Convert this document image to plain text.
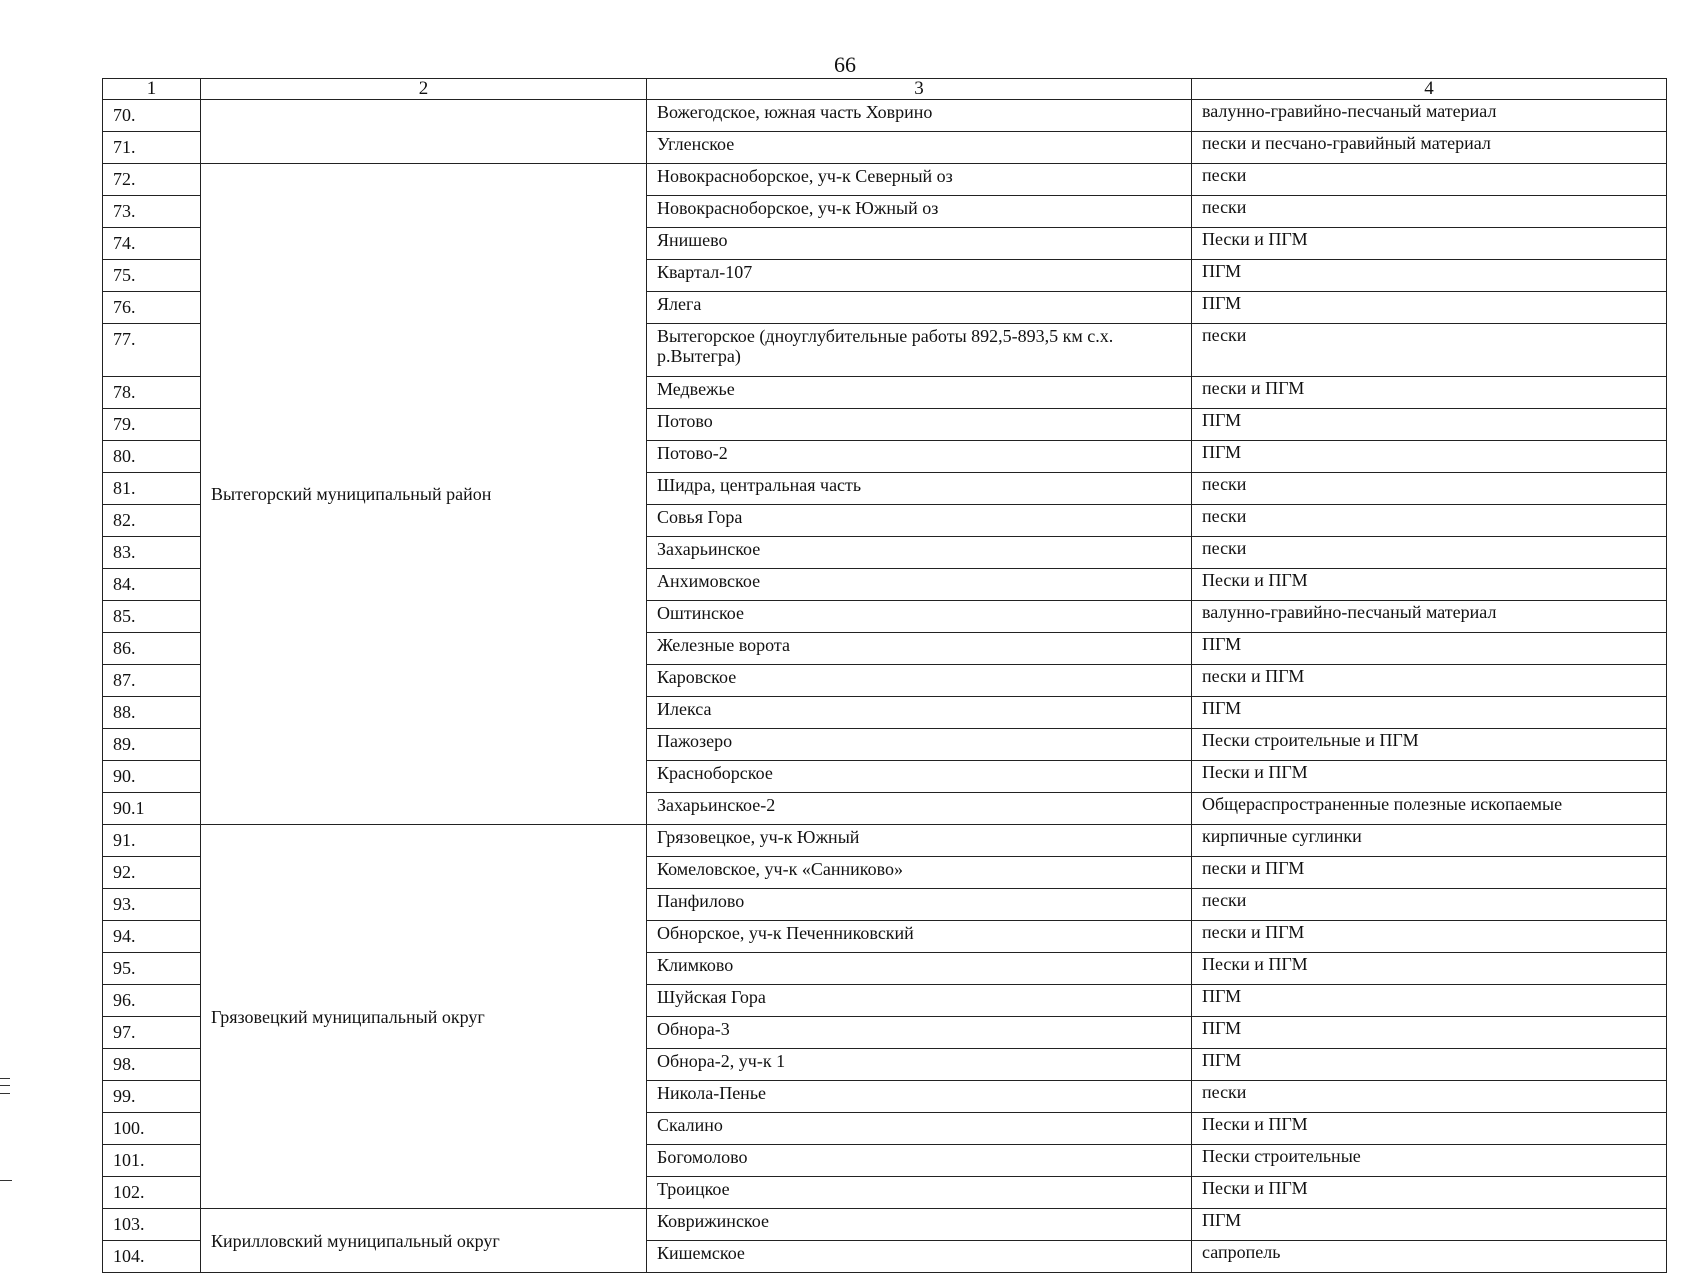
66
1	2	3	4
70.		Вожегодское, южная часть Ховрино	валунно-гравийно-песчаный материал
71.		Угленское	пески и песчано-гравийный материал
72.	Вытегорский муниципальный район	Новокрасноборское, уч-к Северный оз	пески
73.		Новокрасноборское, уч-к Южный оз	пески
74.		Янишево	Пески и ПГМ
75.		Квартал-107	ПГМ
76.		Ялега	ПГМ
77.		Вытегорское (дноуглубительные работы 892,5-893,5 км с.х. р.Вытегра)	пески
78.		Медвежье	пески и ПГМ
79.		Потово	ПГМ
80.		Потово-2	ПГМ
81.		Шидра, центральная часть	пески
82.		Совья Гора	пески
83.		Захарьинское	пески
84.		Анхимовское	Пески и ПГМ
85.		Оштинское	валунно-гравийно-песчаный материал
86.		Железные ворота	ПГМ
87.		Каровское	пески и ПГМ
88.		Илекса	ПГМ
89.		Пажозеро	Пески строительные и ПГМ
90.		Красноборское	Пески и ПГМ
90.1		Захарьинское-2	Общераспространенные полезные ископаемые
91.	Грязовецкий муниципальный округ	Грязовецкое, уч-к Южный	кирпичные суглинки
92.		Комеловское, уч-к «Санниково»	пески и ПГМ
93.		Панфилово	пески
94.		Обнорское, уч-к Печенниковский	пески и ПГМ
95.		Климково	Пески и ПГМ
96.		Шуйская Гора	ПГМ
97.		Обнора-3	ПГМ
98.		Обнора-2, уч-к 1	ПГМ
99.		Никола-Пенье	пески
100.		Скалино	Пески и ПГМ
101.		Богомолово	Пески строительные
102.		Троицкое	Пески и ПГМ
103.	Кирилловский муниципальный округ	Коврижинское	ПГМ
104.		Кишемское	сапропель
